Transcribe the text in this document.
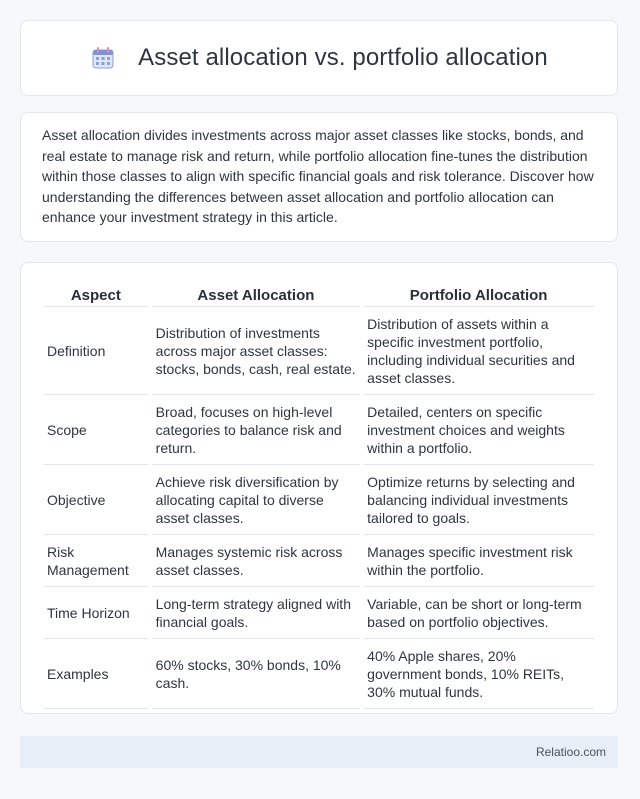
Asset allocation vs. portfolio allocation

Asset allocation divides investments across major asset classes like stocks, bonds, and real estate to manage risk and return, while portfolio allocation fine-tunes the distribution within those classes to align with specific financial goals and risk tolerance. Discover how understanding the differences between asset allocation and portfolio allocation can enhance your investment strategy in this article.

Aspect	Asset Allocation	Portfolio Allocation
Definition	Distribution of investments across major asset classes: stocks, bonds, cash, real estate.	Distribution of assets within a specific investment portfolio, including individual securities and asset classes.
Scope	Broad, focuses on high-level categories to balance risk and return.	Detailed, centers on specific investment choices and weights within a portfolio.
Objective	Achieve risk diversification by allocating capital to diverse asset classes.	Optimize returns by selecting and balancing individual investments tailored to goals.
Risk Management	Manages systemic risk across asset classes.	Manages specific investment risk within the portfolio.
Time Horizon	Long-term strategy aligned with financial goals.	Variable, can be short or long-term based on portfolio objectives.
Examples	60% stocks, 30% bonds, 10% cash.	40% Apple shares, 20% government bonds, 10% REITs, 30% mutual funds.
Relatioo.com
